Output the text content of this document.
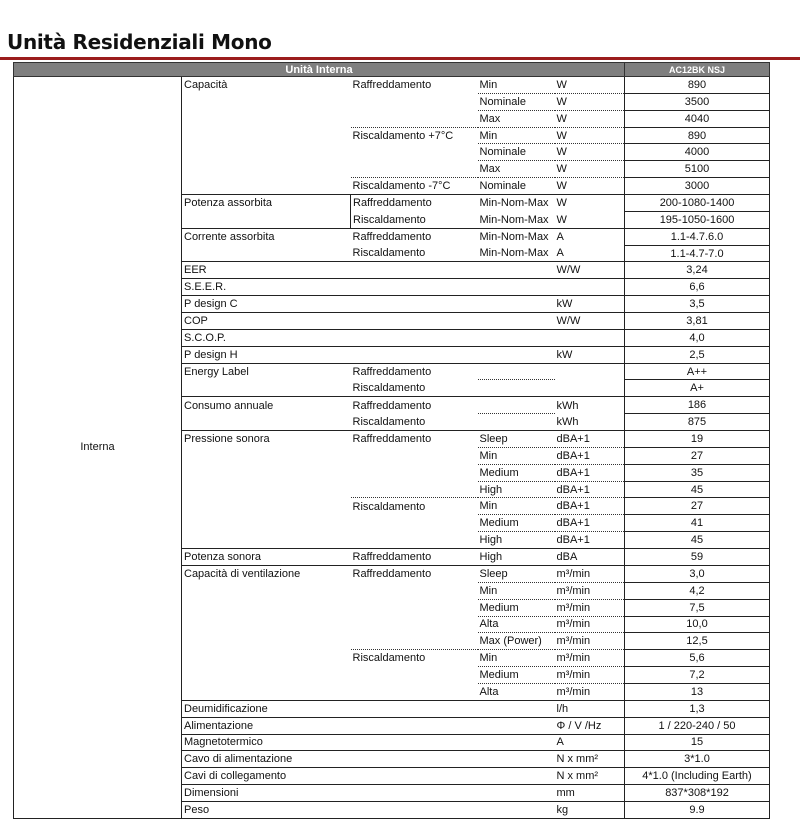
Unità Residenziali Mono
Unità Interna					AC12BK NSJ
Interna	Capacità	Raffreddamento	Min	W	890
			Nominale	W	3500
			Max	W	4040
		Riscaldamento +7°C	Min	W	890
			Nominale	W	4000
			Max	W	5100
		Riscaldamento -7°C	Nominale	W	3000
	Potenza assorbita	Raffreddamento	Min-Nom-Max	W	200-1080-1400
		Riscaldamento	Min-Nom-Max	W	195-1050-1600
	Corrente assorbita	Raffreddamento	Min-Nom-Max	A	1.1-4.7.6.0
		Riscaldamento	Min-Nom-Max	A	1.1-4.7-7.0
	EER			W/W	3,24
	S.E.E.R.				6,6
	P design C			kW	3,5
	COP			W/W	3,81
	S.C.O.P.				4,0
	P design H			kW	2,5
	Energy Label	Raffreddamento			A++
		Riscaldamento			A+
	Consumo annuale	Raffreddamento		kWh	186
		Riscaldamento		kWh	875
	Pressione sonora	Raffreddamento	Sleep	dBA+1	19
			Min	dBA+1	27
			Medium	dBA+1	35
			High	dBA+1	45
		Riscaldamento	Min	dBA+1	27
			Medium	dBA+1	41
			High	dBA+1	45
	Potenza sonora	Raffreddamento	High	dBA	59
	Capacità di ventilazione	Raffreddamento	Sleep	m³/min	3,0
			Min	m³/min	4,2
			Medium	m³/min	7,5
			Alta	m³/min	10,0
			Max (Power)	m³/min	12,5
		Riscaldamento	Min	m³/min	5,6
			Medium	m³/min	7,2
			Alta	m³/min	13
	Deumidificazione			l/h	1,3
	Alimentazione			Φ / V /Hz	1 / 220-240 / 50
	Magnetotermico			A	15
	Cavo di alimentazione			N x mm²	3*1.0
	Cavi di collegamento			N x mm²	4*1.0 (Including Earth)
	Dimensioni			mm	837*308*192
	Peso			kg	9.9
